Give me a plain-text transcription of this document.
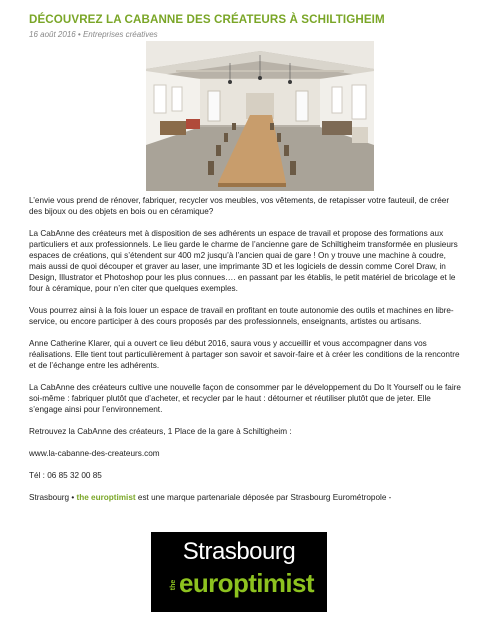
DÉCOUVREZ LA CABANNE DES CRÉATEURS À SCHILTIGHEIM
16 août 2016 • Entreprises créatives

L’envie vous prend de rénover, fabriquer, recycler vos meubles, vos vêtements, de retapisser votre fauteuil, de créer des bijoux ou des objets en bois ou en céramique?

La CabAnne des créateurs met à disposition de ses adhérents un espace de travail et propose des formations aux particuliers et aux professionnels. Le lieu garde le charme de l’ancienne gare de Schiltigheim transformée en plusieurs espaces de créations, qui s’étendent sur 400 m2 jusqu’à l’ancien quai de gare ! On y trouve une machine à coudre, mais aussi de quoi découper et graver au laser, une imprimante 3D et les logiciels de dessin comme Corel Draw, in Design, Illustrator et Photoshop pour les plus connues…. en passant par les établis, le petit matériel de bricolage et le four à céramique, pour n’en citer que quelques exemples.

Vous pourrez ainsi à la fois louer un espace de travail en profitant en toute autonomie des outils et machines en libre-service, ou encore participer à des cours proposés par des professionnels, enseignants, artistes ou artisans.

Anne Catherine Klarer, qui a ouvert ce lieu début 2016, saura vous y accueillir et vous accompagner dans vos réalisations. Elle tient tout particulièrement à partager son savoir et savoir-faire et à créer les conditions de la rencontre et de l’échange entre les adhérents.

La CabAnne des créateurs cultive une nouvelle façon de consommer par le développement du Do It Yourself ou le faire soi-même : fabriquer plutôt que d’acheter, et recycler par le haut : détourner et réutiliser plutôt que de jeter. Elle s’engage ainsi pour l’environnement.

Retrouvez la CabAnne des créateurs, 1 Place de la gare à Schiltigheim :

www.la-cabanne-des-createurs.com

Tél : 06 85 32 00 85

Strasbourg • the europtimist est une marque partenariale déposée par Strasbourg Eurométropole -

Strasbourg
the europtimist
